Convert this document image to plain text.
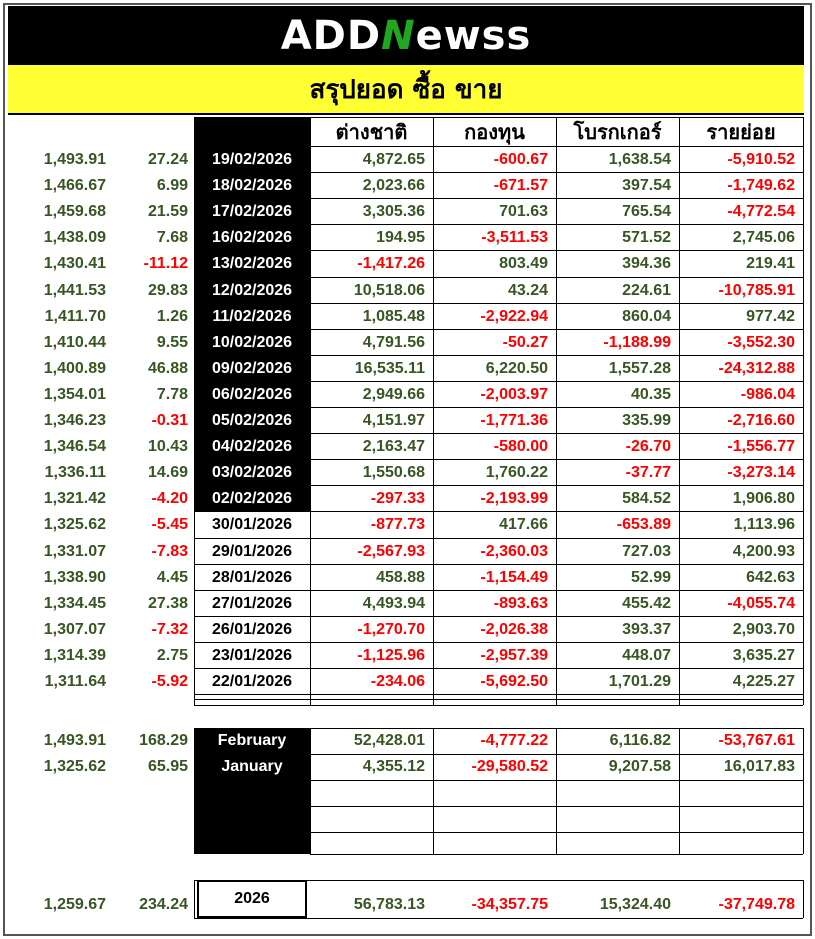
ADDNewss
สรุปยอด ซื้อ ขาย
ต่างชาติ	กองทุน	โบรกเกอร์	รายย่อย
1,493.91	27.24	19/02/2026	4,872.65	-600.67	1,638.54	-5,910.52
1,466.67	6.99	18/02/2026	2,023.66	-671.57	397.54	-1,749.62
1,459.68	21.59	17/02/2026	3,305.36	701.63	765.54	-4,772.54
1,438.09	7.68	16/02/2026	194.95	-3,511.53	571.52	2,745.06
1,430.41	-11.12	13/02/2026	-1,417.26	803.49	394.36	219.41
1,441.53	29.83	12/02/2026	10,518.06	43.24	224.61	-10,785.91
1,411.70	1.26	11/02/2026	1,085.48	-2,922.94	860.04	977.42
1,410.44	9.55	10/02/2026	4,791.56	-50.27	-1,188.99	-3,552.30
1,400.89	46.88	09/02/2026	16,535.11	6,220.50	1,557.28	-24,312.88
1,354.01	7.78	06/02/2026	2,949.66	-2,003.97	40.35	-986.04
1,346.23	-0.31	05/02/2026	4,151.97	-1,771.36	335.99	-2,716.60
1,346.54	10.43	04/02/2026	2,163.47	-580.00	-26.70	-1,556.77
1,336.11	14.69	03/02/2026	1,550.68	1,760.22	-37.77	-3,273.14
1,321.42	-4.20	02/02/2026	-297.33	-2,193.99	584.52	1,906.80
1,325.62	-5.45	30/01/2026	-877.73	417.66	-653.89	1,113.96
1,331.07	-7.83	29/01/2026	-2,567.93	-2,360.03	727.03	4,200.93
1,338.90	4.45	28/01/2026	458.88	-1,154.49	52.99	642.63
1,334.45	27.38	27/01/2026	4,493.94	-893.63	455.42	-4,055.74
1,307.07	-7.32	26/01/2026	-1,270.70	-2,026.38	393.37	2,903.70
1,314.39	2.75	23/01/2026	-1,125.96	-2,957.39	448.07	3,635.27
1,311.64	-5.92	22/01/2026	-234.06	-5,692.50	1,701.29	4,225.27
1,493.91	168.29	February	52,428.01	-4,777.22	6,116.82	-53,767.61
1,325.62	65.95	January	4,355.12	-29,580.52	9,207.58	16,017.83
1,259.67	234.24	2026	56,783.13	-34,357.75	15,324.40	-37,749.78
